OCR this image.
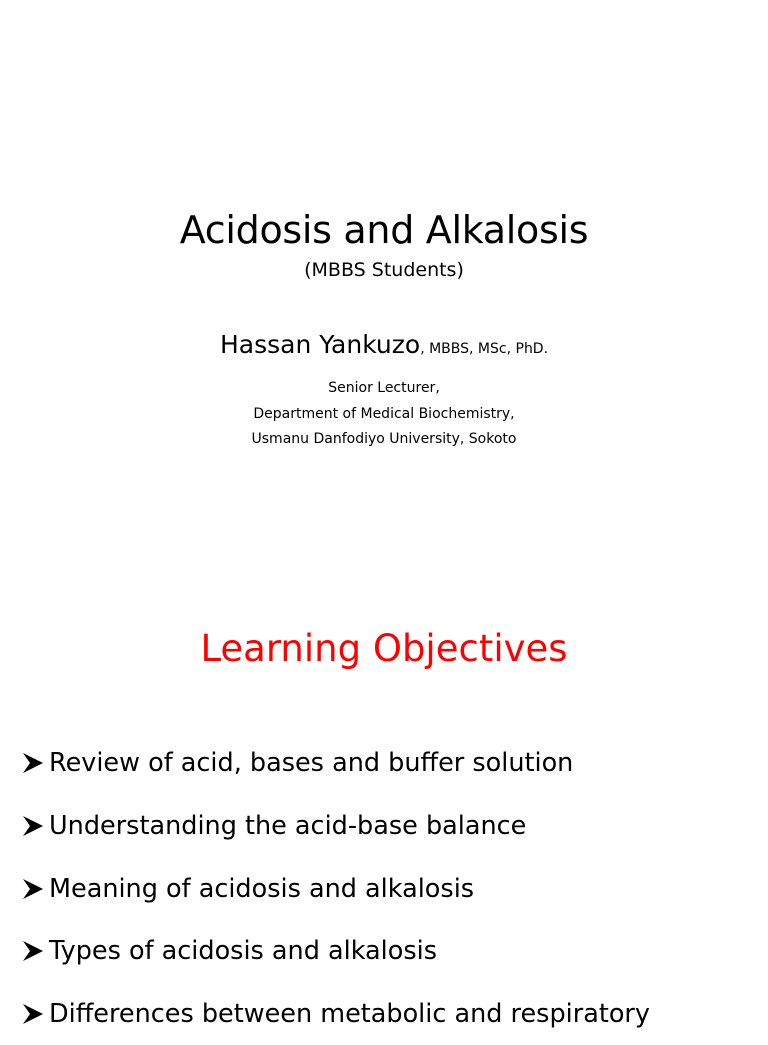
Acidosis and Alkalosis
(MBBS Students)
Hassan Yankuzo, MBBS, MSc, PhD.
Senior Lecturer,
Department of Medical Biochemistry,
Usmanu Danfodiyo University, Sokoto
Learning Objectives
Review of acid, bases and buffer solution
Understanding the acid-base balance
Meaning of acidosis and alkalosis
Types of acidosis and alkalosis
Differences between metabolic and respiratory
